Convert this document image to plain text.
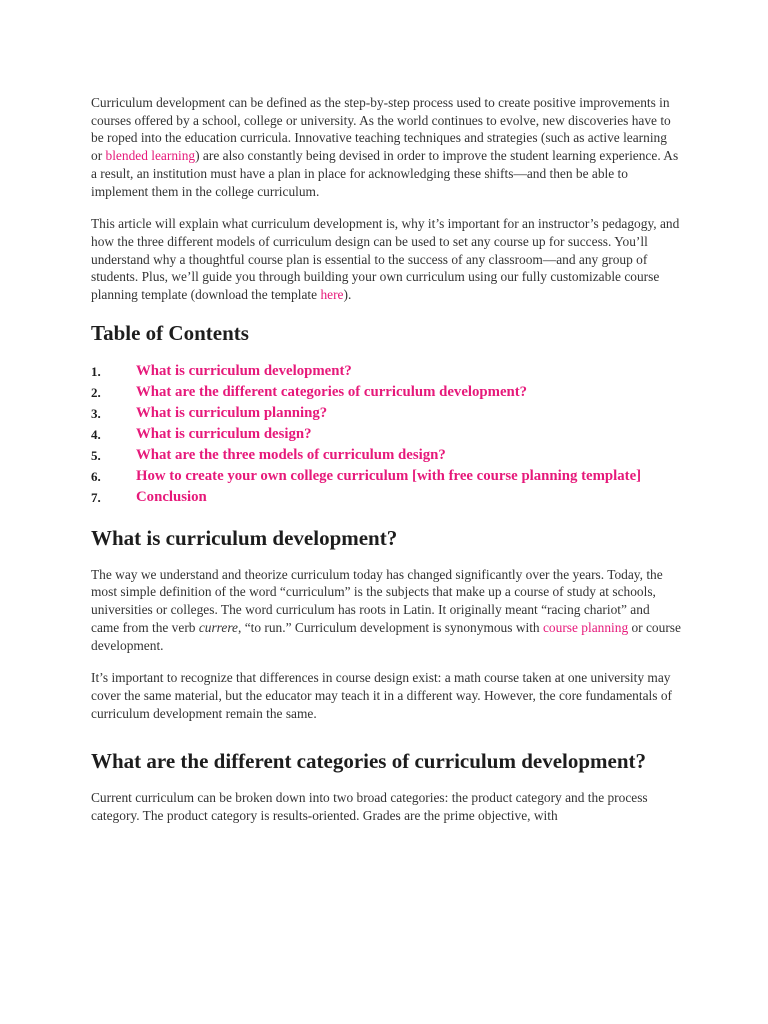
Curriculum development can be defined as the step-by-step process used to create positive improvements in courses offered by a school, college or university. As the world continues to evolve, new discoveries have to be roped into the education curricula. Innovative teaching techniques and strategies (such as active learning or blended learning) are also constantly being devised in order to improve the student learning experience. As a result, an institution must have a plan in place for acknowledging these shifts—and then be able to implement them in the college curriculum.

This article will explain what curriculum development is, why it’s important for an instructor’s pedagogy, and how the three different models of curriculum design can be used to set any course up for success. You’ll understand why a thoughtful course plan is essential to the success of any classroom—and any group of students. Plus, we’ll guide you through building your own curriculum using our fully customizable course planning template (download the template here).

Table of Contents
1.	What is curriculum development?
2.	What are the different categories of curriculum development?
3.	What is curriculum planning?
4.	What is curriculum design?
5.	What are the three models of curriculum design?
6.	How to create your own college curriculum [with free course planning template]
7.	Conclusion
What is curriculum development?

The way we understand and theorize curriculum today has changed significantly over the years. Today, the most simple definition of the word “curriculum” is the subjects that make up a course of study at schools, universities or colleges. The word curriculum has roots in Latin. It originally meant “racing chariot” and came from the verb currere, “to run.” Curriculum development is synonymous with course planning or course development.

It’s important to recognize that differences in course design exist: a math course taken at one university may cover the same material, but the educator may teach it in a different way. However, the core fundamentals of curriculum development remain the same.

What are the different categories of curriculum development?

Current curriculum can be broken down into two broad categories: the product category and the process category. The product category is results-oriented. Grades are the prime objective, with
